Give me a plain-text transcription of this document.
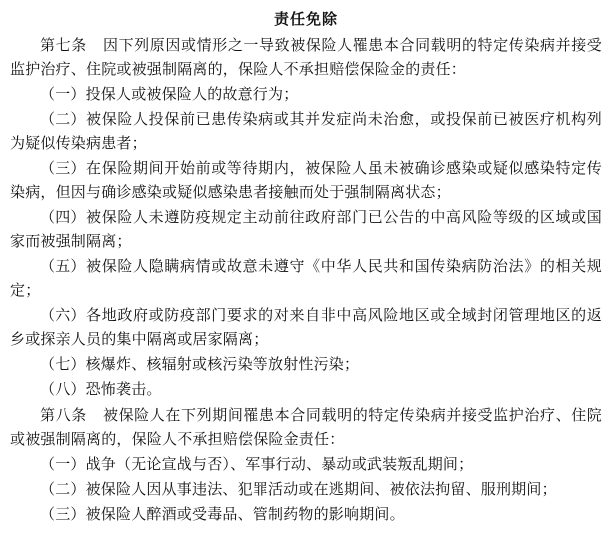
责任免除

第七条 因下列原因或情形之一导致被保险人罹患本合同载明的特定传染病并接受监护治疗、住院或被强制隔离的，保险人不承担赔偿保险金的责任：

（一）投保人或被保险人的故意行为；

（二）被保险人投保前已患传染病或其并发症尚未治愈，或投保前已被医疗机构列为疑似传染病患者；

（三）在保险期间开始前或等待期内，被保险人虽未被确诊感染或疑似感染特定传染病，但因与确诊感染或疑似感染患者接触而处于强制隔离状态；

（四）被保险人未遵防疫规定主动前往政府部门已公告的中高风险等级的区域或国家而被强制隔离；

（五）被保险人隐瞒病情或故意未遵守《中华人民共和国传染病防治法》的相关规定；

（六）各地政府或防疫部门要求的对来自非中高风险地区或全域封闭管理地区的返乡或探亲人员的集中隔离或居家隔离；

（七）核爆炸、核辐射或核污染等放射性污染；

（八）恐怖袭击。

第八条 被保险人在下列期间罹患本合同载明的特定传染病并接受监护治疗、住院或被强制隔离的，保险人不承担赔偿保险金责任：

（一）战争（无论宣战与否）、军事行动、暴动或武装叛乱期间；

（二）被保险人因从事违法、犯罪活动或在逃期间、被依法拘留、服刑期间；

（三）被保险人醉酒或受毒品、管制药物的影响期间。
